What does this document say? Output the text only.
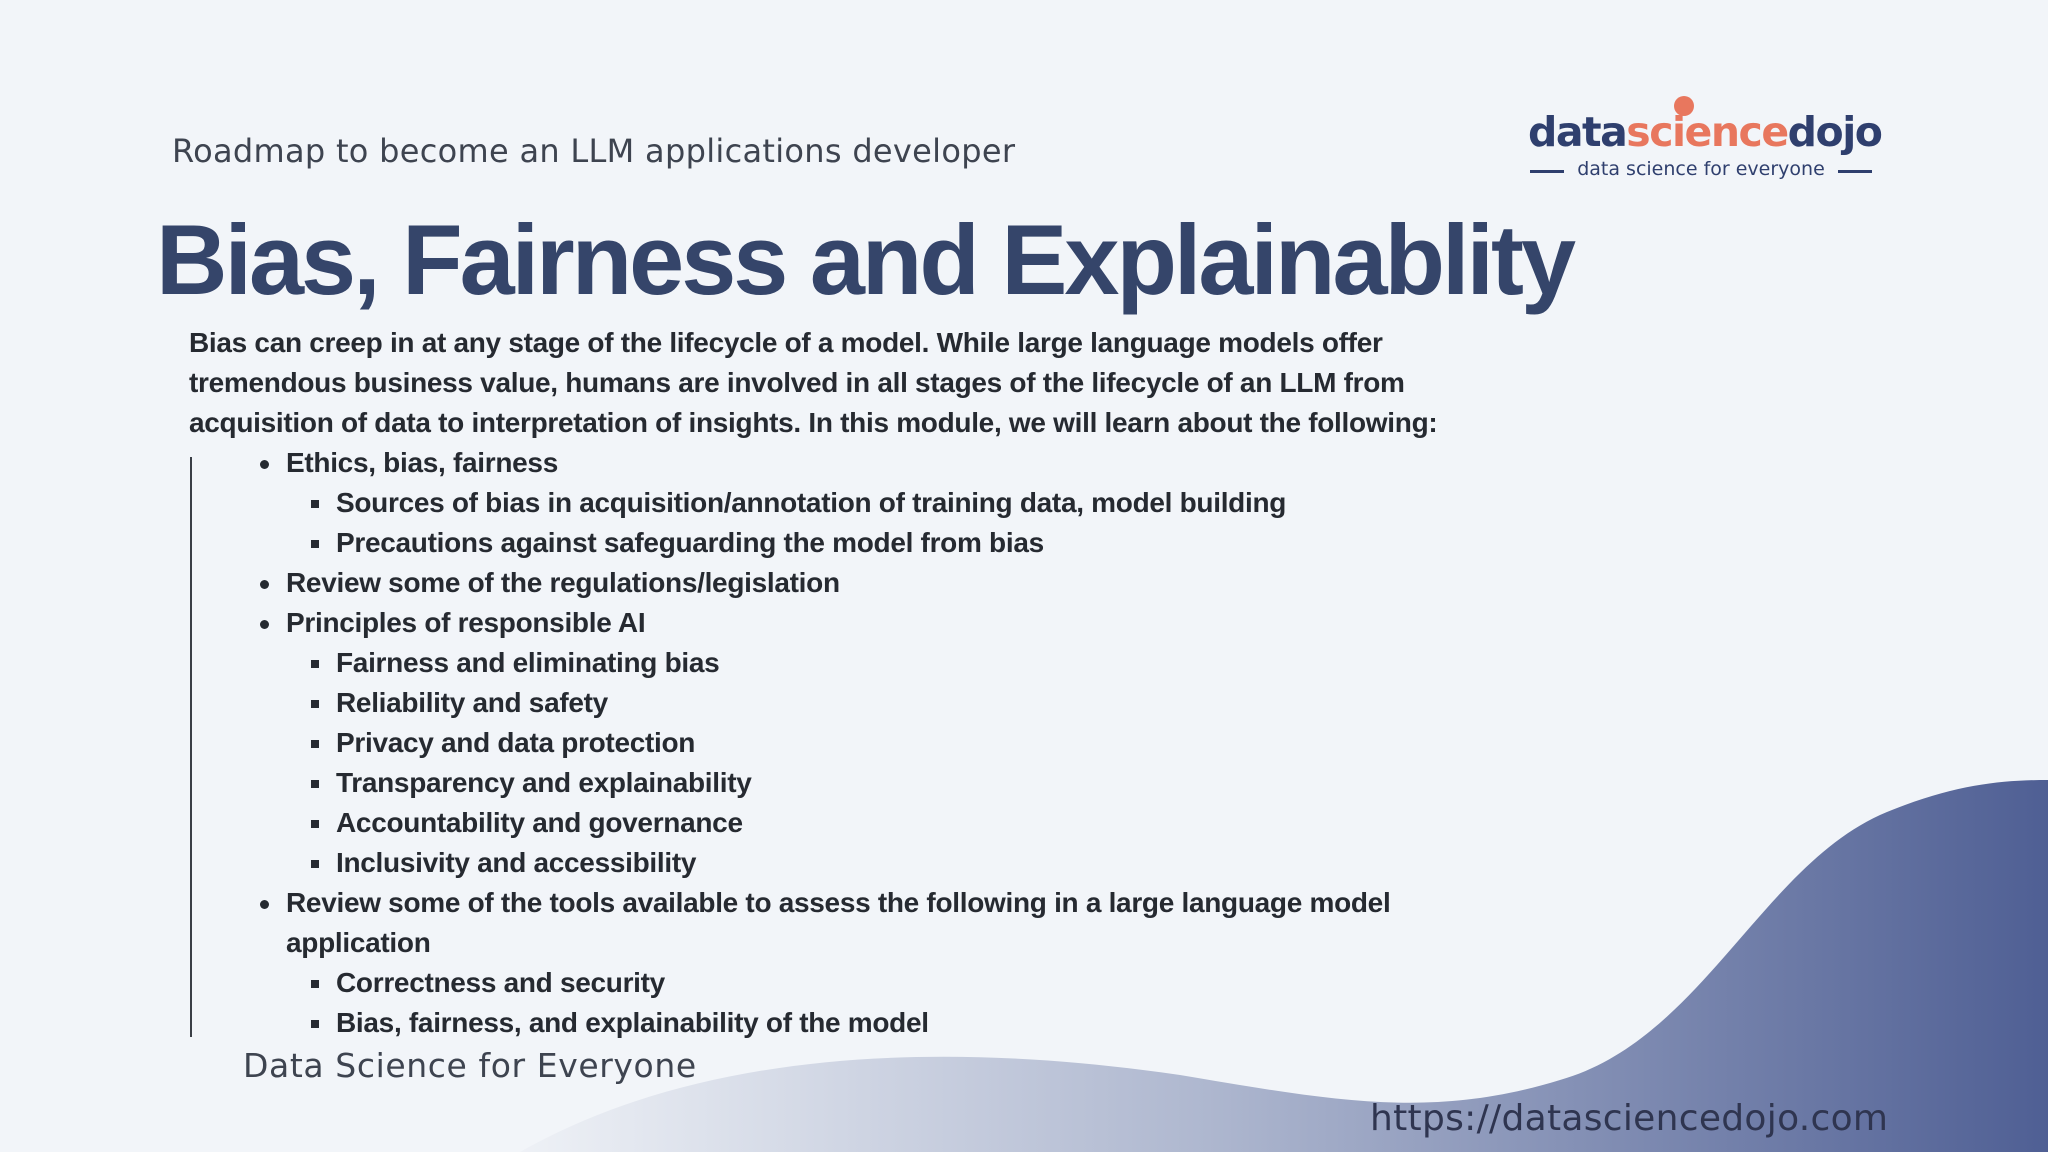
Roadmap to become an LLM applications developer	datasciencedojo
data science for everyone
Bias, Fairness and Explainablity

Bias can creep in at any stage of the lifecycle of a model. While large language models offer tremendous business value, humans are involved in all stages of the lifecycle of an LLM from acquisition of data to interpretation of insights. In this module, we will learn about the following:

Ethics, bias, fairness
Sources of bias in acquisition/annotation of training data, model building
Precautions against safeguarding the model from bias
Review some of the regulations/legislation
Principles of responsible AI
Fairness and eliminating bias
Reliability and safety
Privacy and data protection
Transparency and explainability
Accountability and governance
Inclusivity and accessibility
Review some of the tools available to assess the following in a large language model application
Correctness and security
Bias, fairness, and explainability of the model
Data Science for Everyone
https://datasciencedojo.com
